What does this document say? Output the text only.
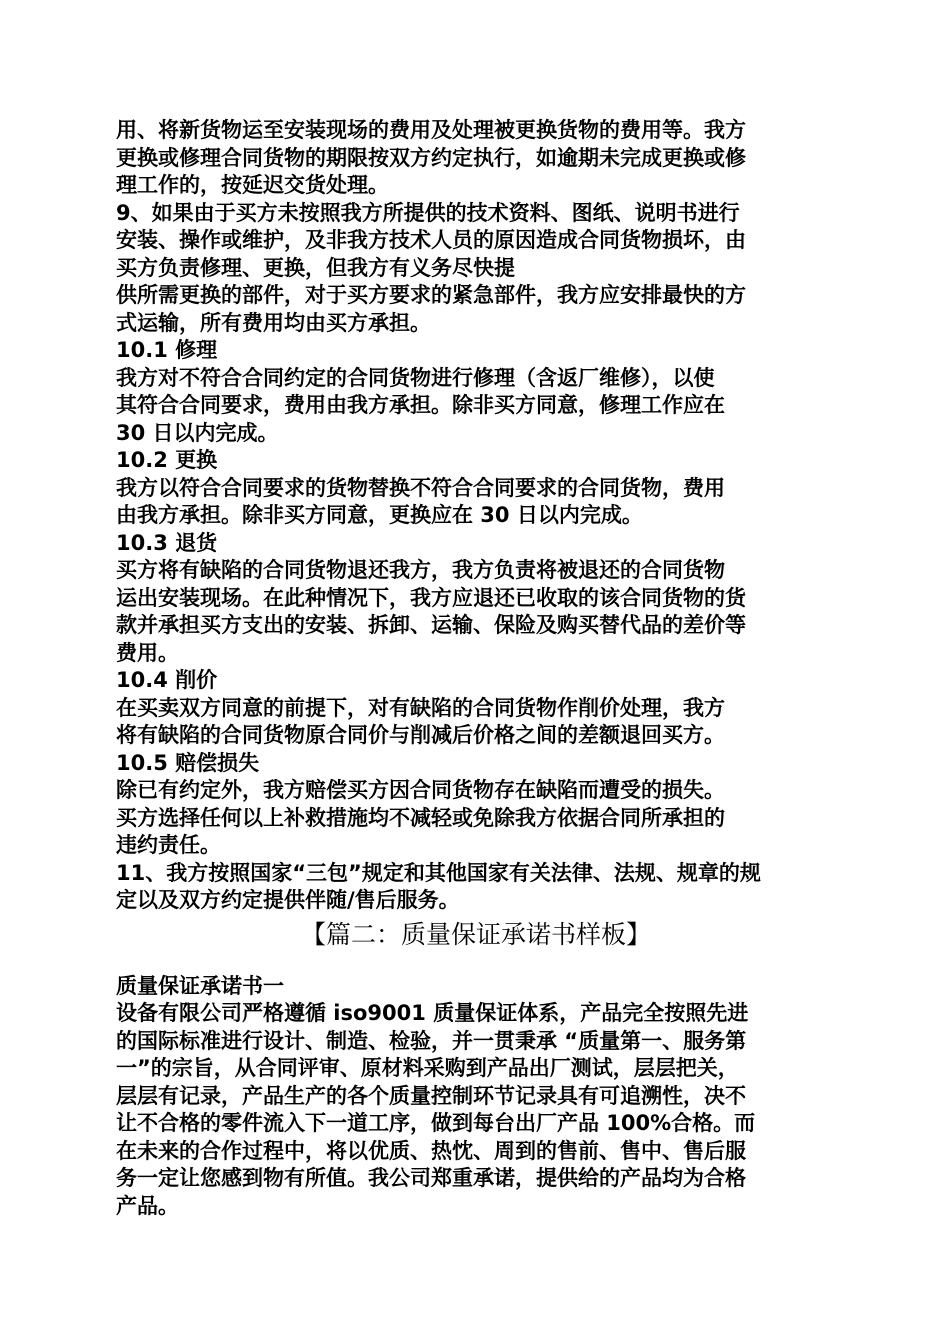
用、将新货物运至安装现场的费用及处理被更换货物的费用等。我方
更换或修理合同货物的期限按双方约定执行，如逾期未完成更换或修
理工作的，按延迟交货处理。
9、如果由于买方未按照我方所提供的技术资料、图纸、说明书进行
安装、操作或维护，及非我方技术人员的原因造成合同货物损坏，由
买方负责修理、更换，但我方有义务尽快提
供所需更换的部件，对于买方要求的紧急部件，我方应安排最快的方
式运输，所有费用均由买方承担。
10.1 修理
我方对不符合合同约定的合同货物进行修理（含返厂维修），以使
其符合合同要求，费用由我方承担。除非买方同意，修理工作应在
30 日以内完成。
10.2 更换
我方以符合合同要求的货物替换不符合合同要求的合同货物，费用
由我方承担。除非买方同意，更换应在 30 日以内完成。
10.3 退货
买方将有缺陷的合同货物退还我方，我方负责将被退还的合同货物
运出安装现场。在此种情况下，我方应退还已收取的该合同货物的货
款并承担买方支出的安装、拆卸、运输、保险及购买替代品的差价等
费用。
10.4 削价
在买卖双方同意的前提下，对有缺陷的合同货物作削价处理，我方
将有缺陷的合同货物原合同价与削减后价格之间的差额退回买方。
10.5 赔偿损失
除已有约定外，我方赔偿买方因合同货物存在缺陷而遭受的损失。
买方选择任何以上补救措施均不减轻或免除我方依据合同所承担的
违约责任。
11、我方按照国家“三包”规定和其他国家有关法律、法规、规章的规
定以及双方约定提供伴随/售后服务。
【篇二：质量保证承诺书样板】
质量保证承诺书一
设备有限公司严格遵循 iso9001 质量保证体系，产品完全按照先进
的国际标准进行设计、制造、检验，并一贯秉承 “质量第一、服务第
一”的宗旨，从合同评审、原材料采购到产品出厂测试，层层把关，
层层有记录，产品生产的各个质量控制环节记录具有可追溯性，决不
让不合格的零件流入下一道工序，做到每台出厂产品 100%合格。而
在未来的合作过程中，将以优质、热忱、周到的售前、售中、售后服
务一定让您感到物有所值。我公司郑重承诺，提供给的产品均为合格
产品。
